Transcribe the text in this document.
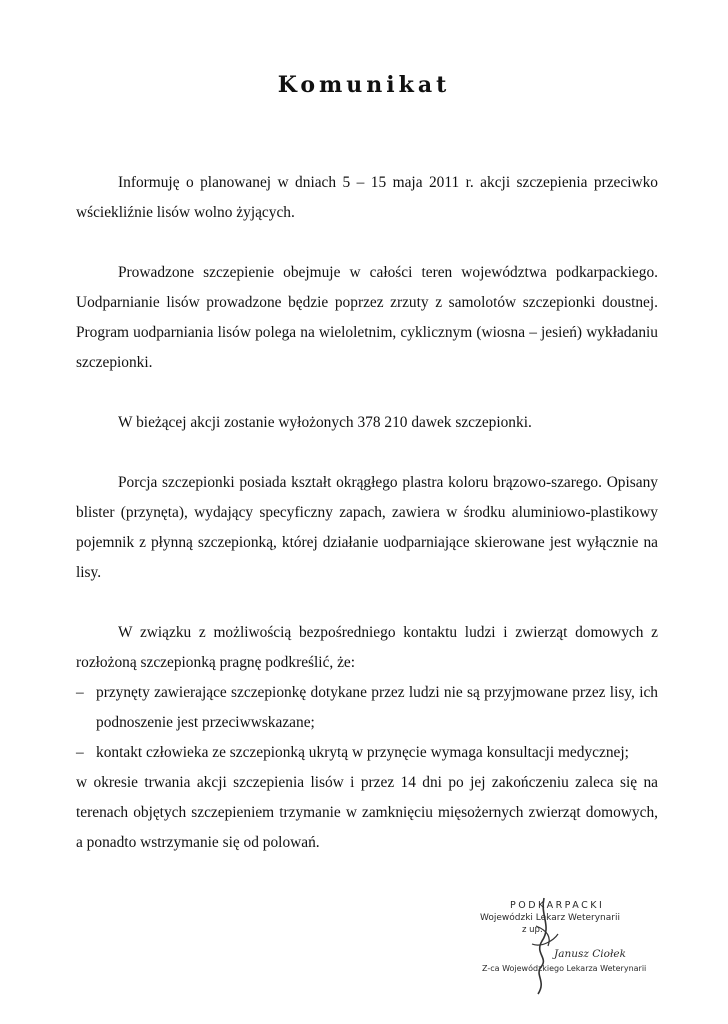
Komunikat

Informuję o planowanej w dniach 5 – 15 maja 2011 r. akcji szczepienia przeciwko wściekliźnie lisów wolno żyjących.

Prowadzone szczepienie obejmuje w całości teren województwa podkarpackiego. Uodparnianie lisów prowadzone będzie poprzez zrzuty z samolotów szczepionki doustnej. Program uodparniania lisów polega na wieloletnim, cyklicznym (wiosna – jesień) wykładaniu szczepionki.

W bieżącej akcji zostanie wyłożonych 378 210 dawek szczepionki.

Porcja szczepionki posiada kształt okrągłego plastra koloru brązowo-szarego. Opisany blister (przynęta), wydający specyficzny zapach, zawiera w środku aluminiowo-plastikowy pojemnik z płynną szczepionką, której działanie uodparniające skierowane jest wyłącznie na lisy.

W związku z możliwością bezpośredniego kontaktu ludzi i zwierząt domowych z rozłożoną szczepionką pragnę podkreślić, że:

– przynęty zawierające szczepionkę dotykane przez ludzi nie są przyjmowane przez lisy, ich podnoszenie jest przeciwwskazane;
– kontakt człowieka ze szczepionką ukrytą w przynęcie wymaga konsultacji medycznej;

w okresie trwania akcji szczepienia lisów i przez 14 dni po jej zakończeniu zaleca się na terenach objętych szczepieniem trzymanie w zamknięciu mięsożernych zwierząt domowych, a ponadto wstrzymanie się od polowań.

PODKARPACKI
Wojewódzki Lekarz Weterynarii
z up.
Janusz Ciołek
Z-ca Wojewódzkiego Lekarza Weterynarii
